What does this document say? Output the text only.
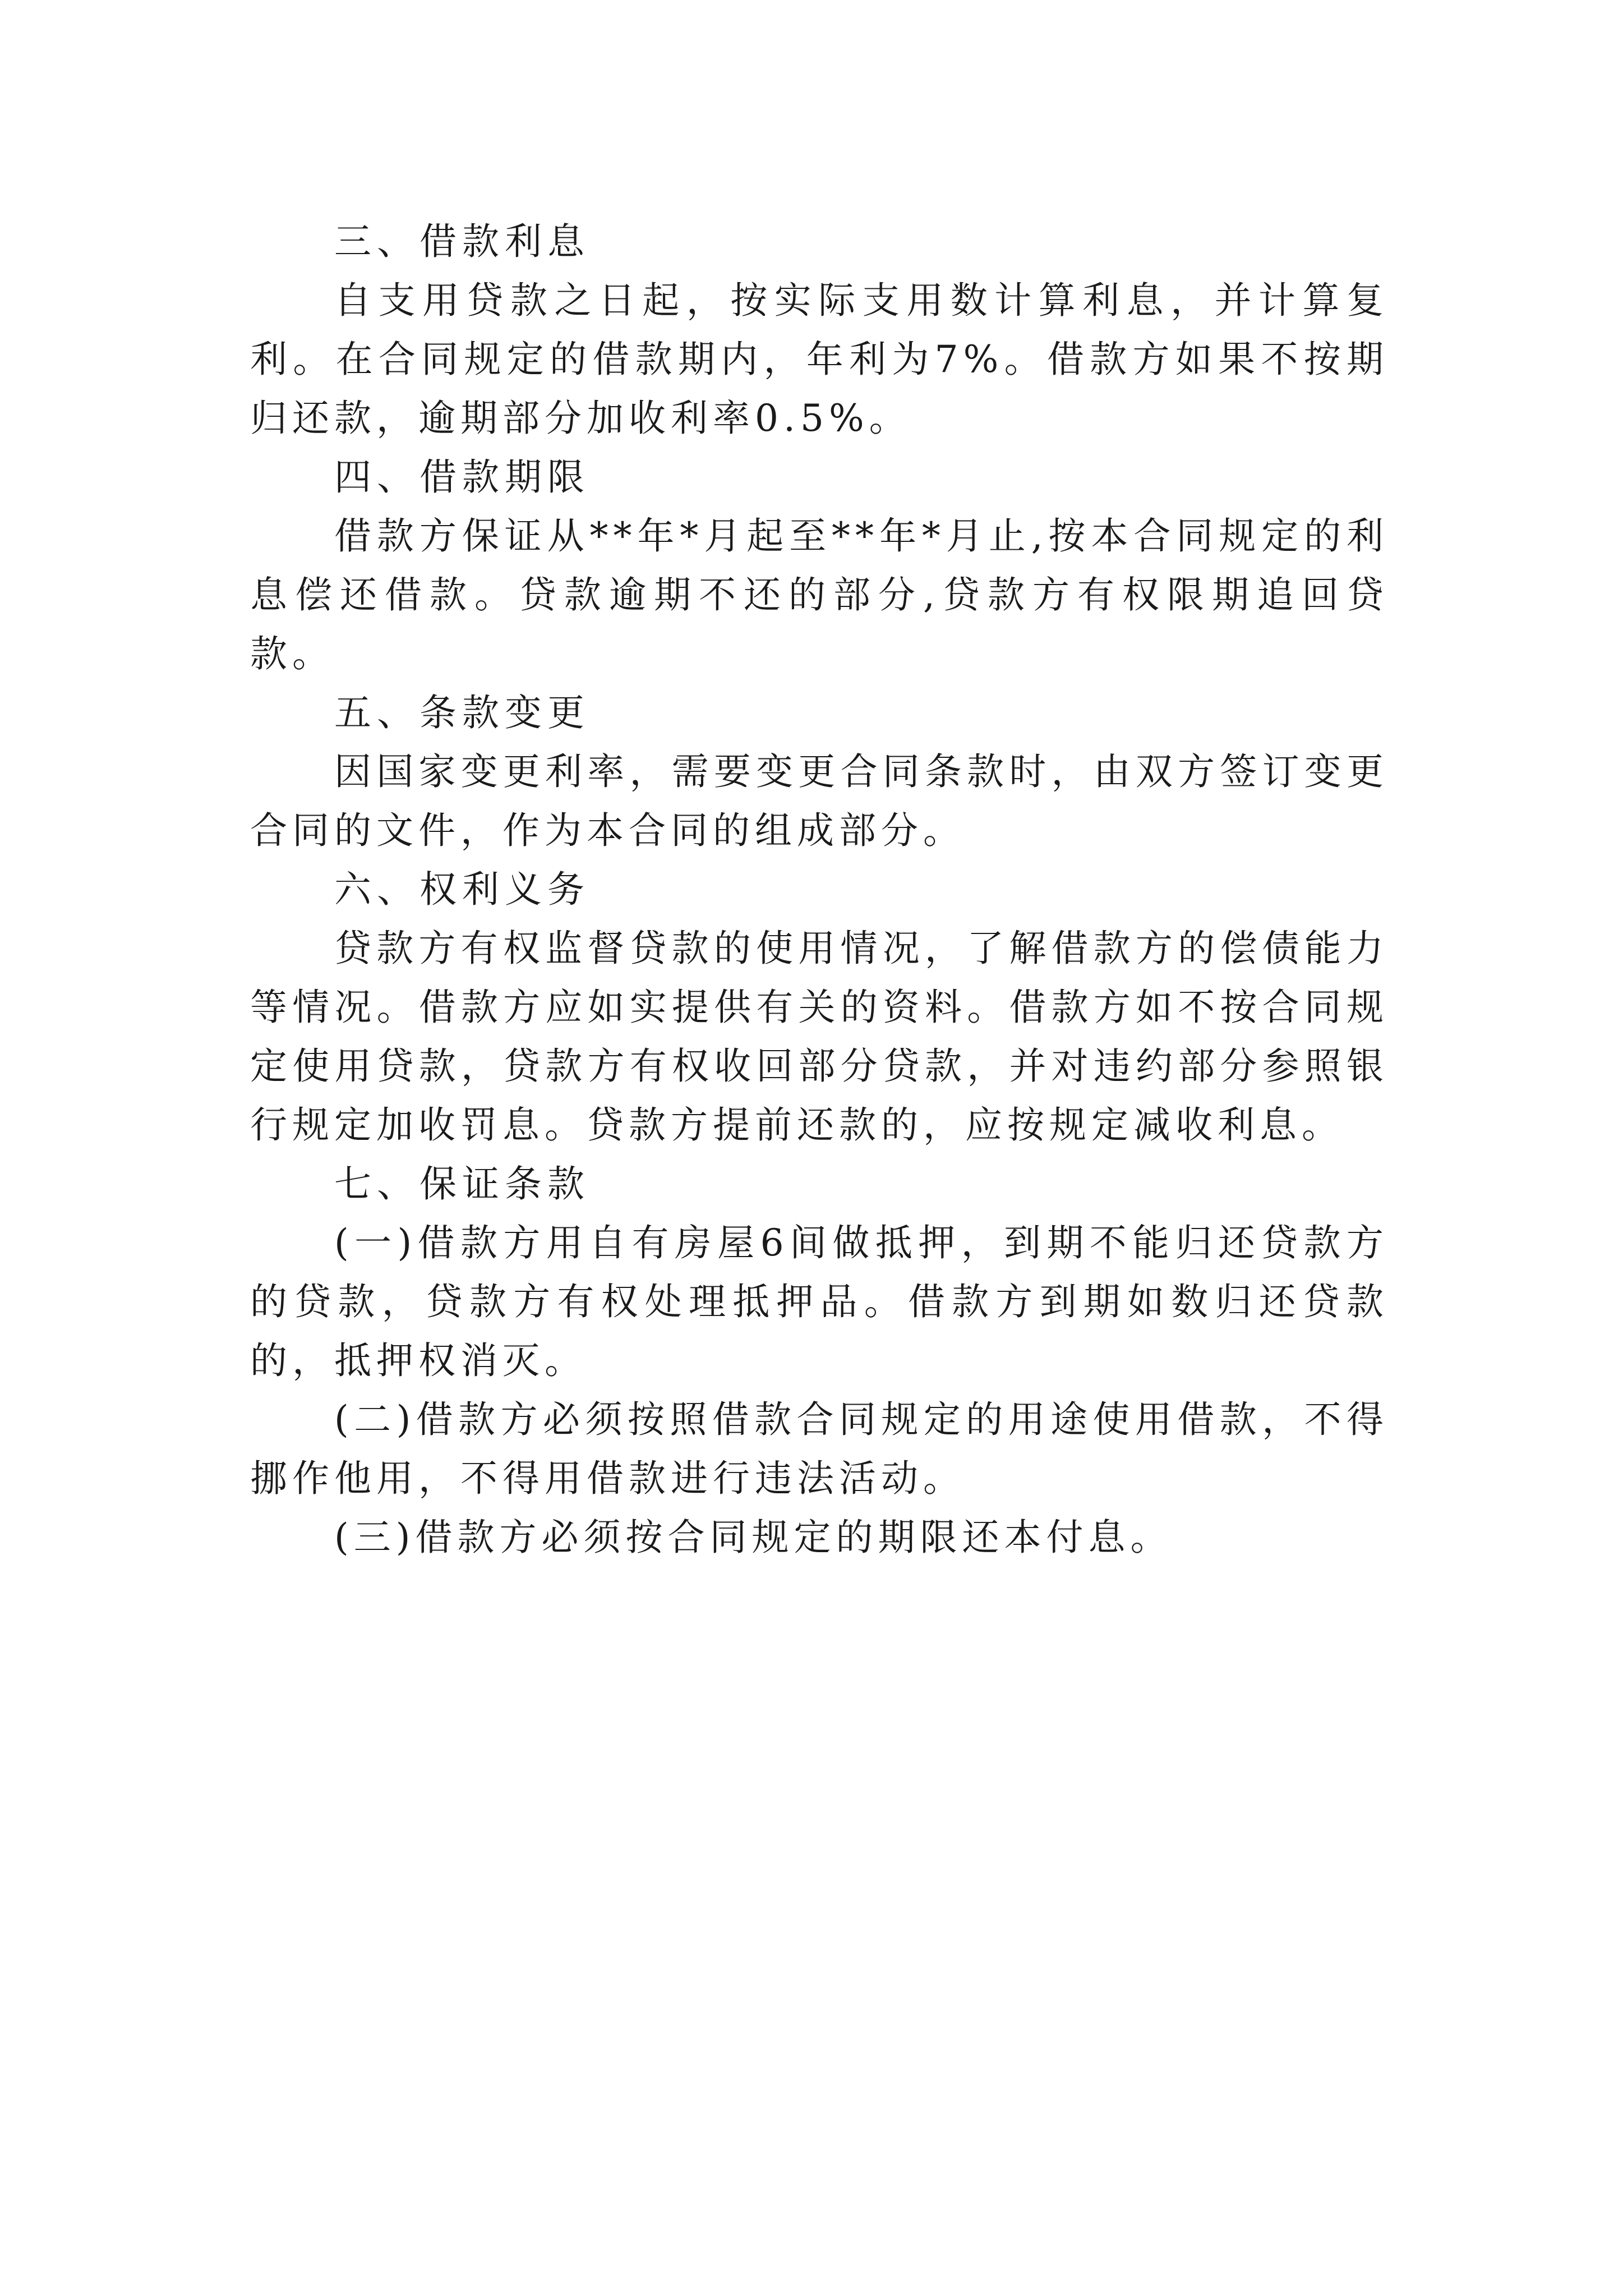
三、借款利息

自支用贷款之日起，按实际支用数计算利息，并计算复利。在合同规定的借款期内，年利为7%。借款方如果不按期归还款，逾期部分加收利率0.5%。

四、借款期限

借款方保证从**年*月起至**年*月止,按本合同规定的利息偿还借款。贷款逾期不还的部分,贷款方有权限期追回贷款。

五、条款变更

因国家变更利率，需要变更合同条款时，由双方签订变更合同的文件，作为本合同的组成部分。

六、权利义务

贷款方有权监督贷款的使用情况，了解借款方的偿债能力等情况。借款方应如实提供有关的资料。借款方如不按合同规定使用贷款，贷款方有权收回部分贷款，并对违约部分参照银行规定加收罚息。贷款方提前还款的，应按规定减收利息。

七、保证条款

(一)借款方用自有房屋6间做抵押，到期不能归还贷款方的贷款，贷款方有权处理抵押品。借款方到期如数归还贷款的，抵押权消灭。

(二)借款方必须按照借款合同规定的用途使用借款，不得挪作他用，不得用借款进行违法活动。

(三)借款方必须按合同规定的期限还本付息。
